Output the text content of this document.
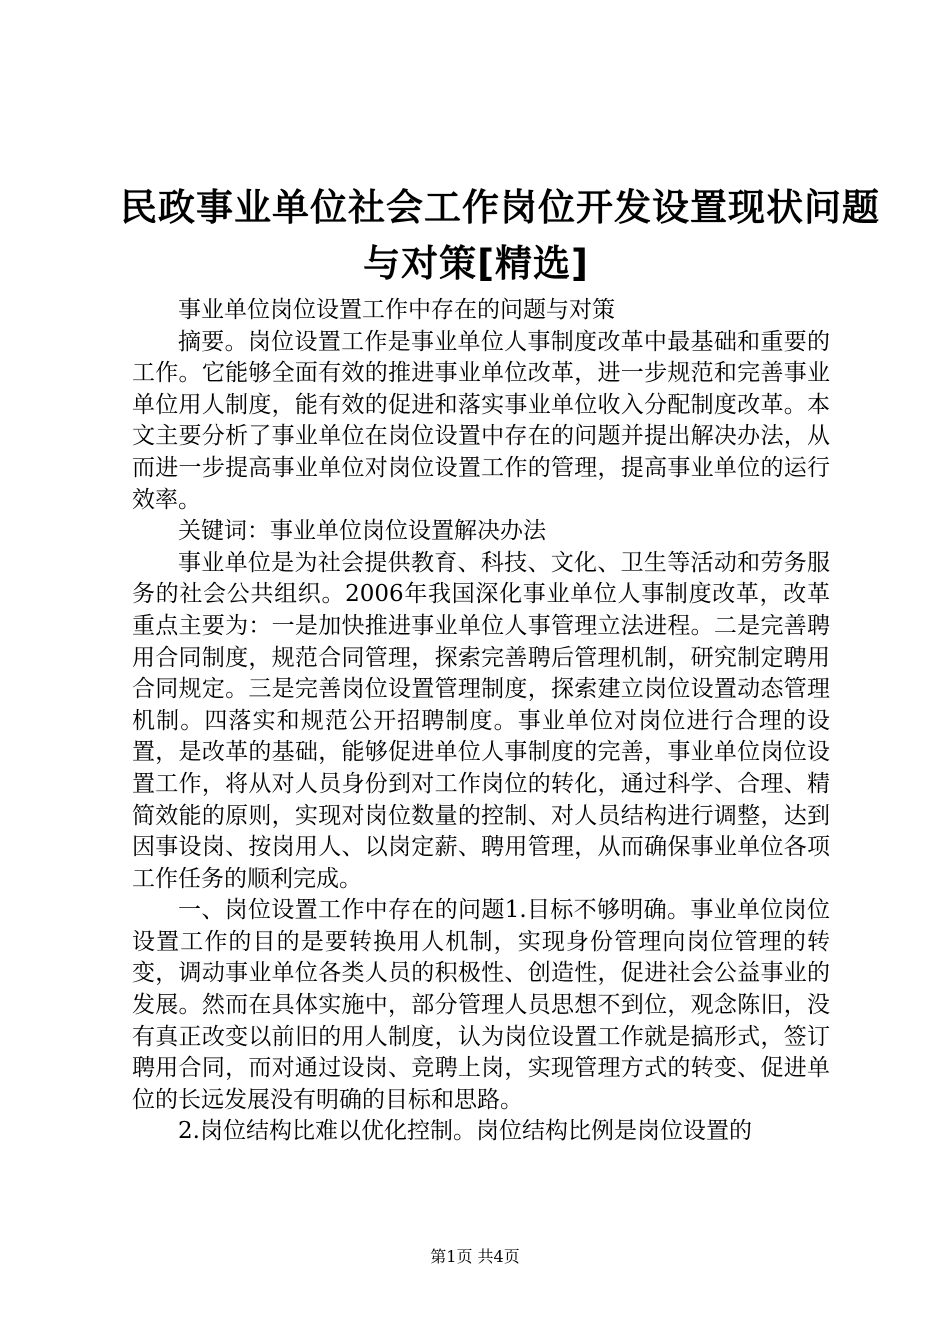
民政事业单位社会工作岗位开发设置现状问题
与对策[精选]

事业单位岗位设置工作中存在的问题与对策

摘要。岗位设置工作是事业单位人事制度改革中最基础和重要的工作。它能够全面有效的推进事业单位改革，进一步规范和完善事业单位用人制度，能有效的促进和落实事业单位收入分配制度改革。本文主要分析了事业单位在岗位设置中存在的问题并提出解决办法，从而进一步提高事业单位对岗位设置工作的管理，提高事业单位的运行效率。

关键词：事业单位岗位设置解决办法

事业单位是为社会提供教育、科技、文化、卫生等活动和劳务服务的社会公共组织。2006年我国深化事业单位人事制度改革，改革重点主要为：一是加快推进事业单位人事管理立法进程。二是完善聘用合同制度，规范合同管理，探索完善聘后管理机制，研究制定聘用合同规定。三是完善岗位设置管理制度，探索建立岗位设置动态管理机制。四落实和规范公开招聘制度。事业单位对岗位进行合理的设置，是改革的基础，能够促进单位人事制度的完善，事业单位岗位设置工作，将从对人员身份到对工作岗位的转化，通过科学、合理、精简效能的原则，实现对岗位数量的控制、对人员结构进行调整，达到因事设岗、按岗用人、以岗定薪、聘用管理，从而确保事业单位各项工作任务的顺利完成。

一、岗位设置工作中存在的问题1.目标不够明确。事业单位岗位设置工作的目的是要转换用人机制，实现身份管理向岗位管理的转变，调动事业单位各类人员的积极性、创造性，促进社会公益事业的发展。然而在具体实施中，部分管理人员思想不到位，观念陈旧，没有真正改变以前旧的用人制度，认为岗位设置工作就是搞形式，签订聘用合同，而对通过设岗、竞聘上岗，实现管理方式的转变、促进单位的长远发展没有明确的目标和思路。

2.岗位结构比难以优化控制。岗位结构比例是岗位设置的

第1页 共4页
